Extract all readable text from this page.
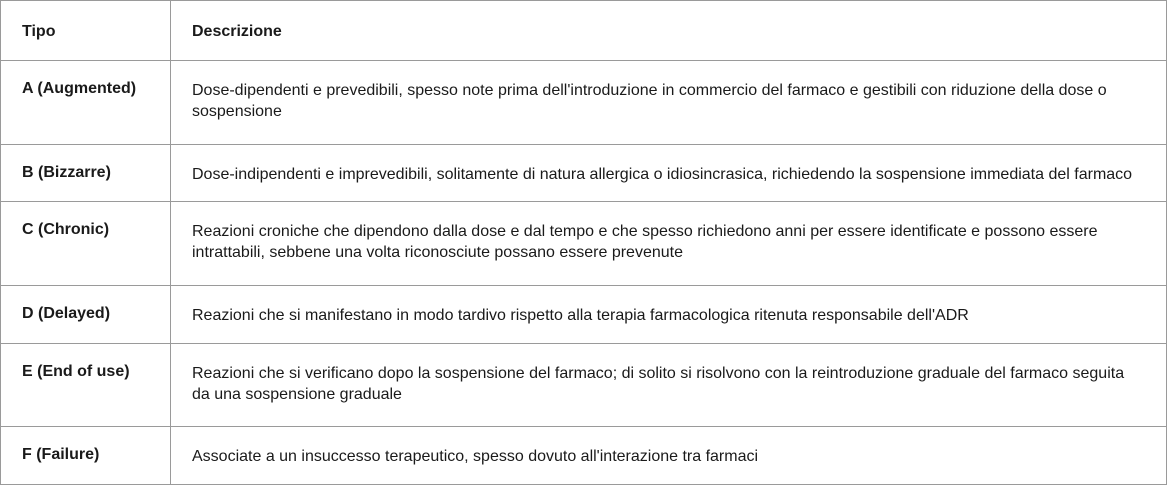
Tipo	Descrizione
A (Augmented)	Dose-dipendenti e prevedibili, spesso note prima dell'introduzione in commercio del farmaco e gestibili con riduzione della dose o sospensione
B (Bizzarre)	Dose-indipendenti e imprevedibili, solitamente di natura allergica o idiosincrasica, richiedendo la sospensione immediata del farmaco
C (Chronic)	Reazioni croniche che dipendono dalla dose e dal tempo e che spesso richiedono anni per essere identificate e possono essere intrattabili, sebbene una volta riconosciute possano essere prevenute
D (Delayed)	Reazioni che si manifestano in modo tardivo rispetto alla terapia farmacologica ritenuta responsabile dell'ADR
E (End of use)	Reazioni che si verificano dopo la sospensione del farmaco; di solito si risolvono con la reintroduzione graduale del farmaco seguita da una sospensione graduale
F (Failure)	Associate a un insuccesso terapeutico, spesso dovuto all'interazione tra farmaci
